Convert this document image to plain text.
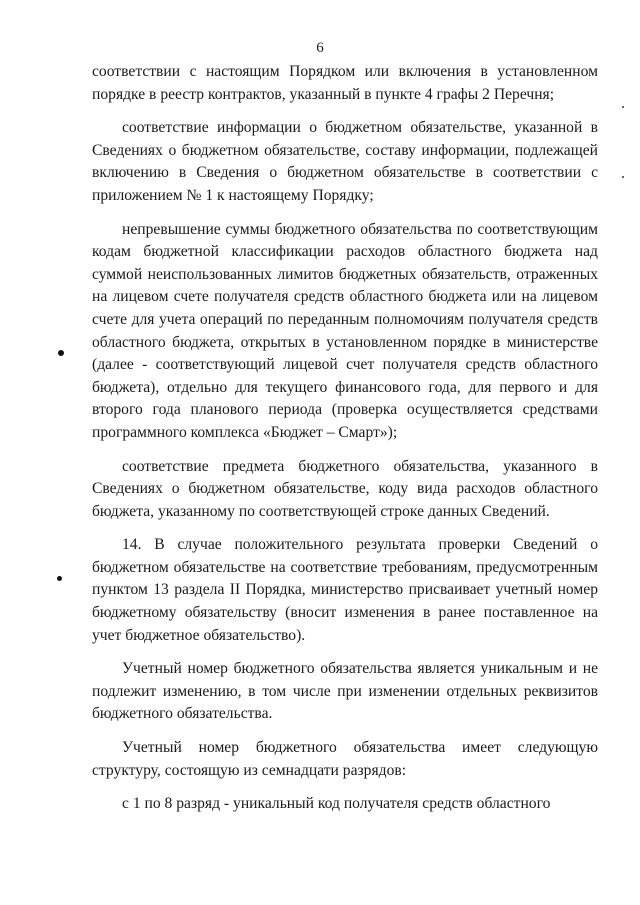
6

соответствии с настоящим Порядком или включения в установленном порядке в реестр контрактов, указанный в пункте 4 графы 2 Перечня;

соответствие информации о бюджетном обязательстве, указанной в Сведениях о бюджетном обязательстве, составу информации, подлежащей включению в Сведения о бюджетном обязательстве в соответствии с приложением № 1 к настоящему Порядку;

непревышение суммы бюджетного обязательства по соответствующим кодам бюджетной классификации расходов областного бюджета над суммой неиспользованных лимитов бюджетных обязательств, отраженных на лицевом счете получателя средств областного бюджета или на лицевом счете для учета операций по переданным полномочиям получателя средств областного бюджета, открытых в установленном порядке в министерстве (далее - соответствующий лицевой счет получателя средств областного бюджета), отдельно для текущего финансового года, для первого и для второго года планового периода (проверка осуществляется средствами программного комплекса «Бюджет – Смарт»);

соответствие предмета бюджетного обязательства, указанного в Сведениях о бюджетном обязательстве, коду вида расходов областного бюджета, указанному по соответствующей строке данных Сведений.

14. В случае положительного результата проверки Сведений о бюджетном обязательстве на соответствие требованиям, предусмотренным пунктом 13 раздела II Порядка, министерство присваивает учетный номер бюджетному обязательству (вносит изменения в ранее поставленное на учет бюджетное обязательство).

Учетный номер бюджетного обязательства является уникальным и не подлежит изменению, в том числе при изменении отдельных реквизитов бюджетного обязательства.

Учетный номер бюджетного обязательства имеет следующую структуру, состоящую из семнадцати разрядов:

с 1 по 8 разряд - уникальный код получателя средств областного
